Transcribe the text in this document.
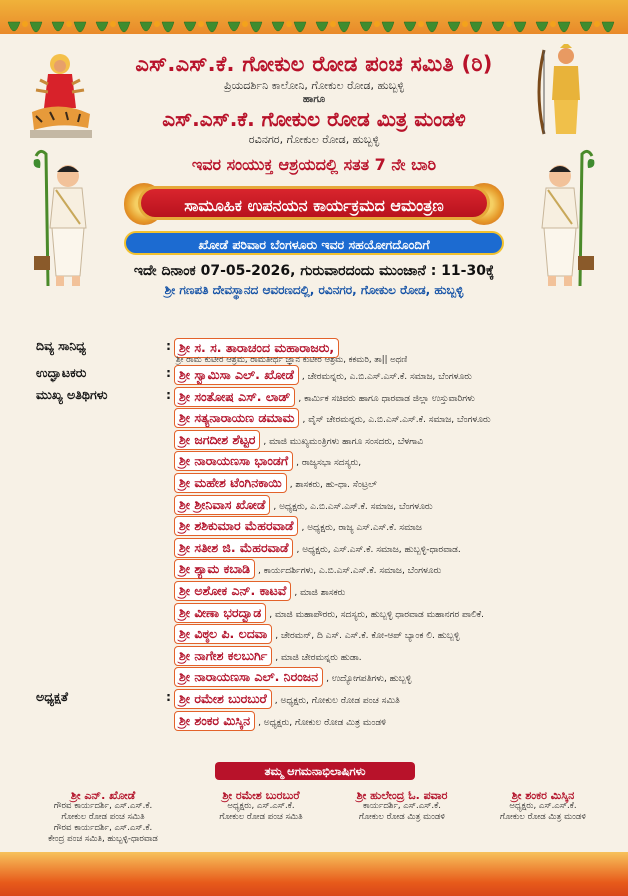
ಎಸ್.ಎಸ್.ಕೆ. ಗೋಕುಲ ರೋಡ ಪಂಚ ಸಮಿತಿ (ರಿ)
ಪ್ರಿಯದರ್ಶಿನಿ ಕಾಲೋನಿ, ಗೋಕುಲ ರೋಡ, ಹುಬ್ಬಳ್ಳಿ
ಹಾಗೂ
ಎಸ್.ಎಸ್.ಕೆ. ಗೋಕುಲ ರೋಡ ಮಿತ್ರ ಮಂಡಳಿ
ರವಿನಗರ, ಗೋಕುಲ ರೋಡ, ಹುಬ್ಬಳ್ಳಿ
ಇವರ ಸಂಯುಕ್ತ ಆಶ್ರಯದಲ್ಲಿ ಸತತ 7 ನೇ ಬಾರಿ
ಸಾಮೂಹಿಕ ಉಪನಯನ ಕಾರ್ಯಕ್ರಮದ ಆಮಂತ್ರಣ
ಖೋಡೆ ಪರಿವಾರ ಬೆಂಗಳೂರು ಇವರ ಸಹಯೋಗದೊಂದಿಗೆ
ಇದೇ ದಿನಾಂಕ 07-05-2026, ಗುರುವಾರದಂದು ಮುಂಜಾನೆ : 11-30ಕ್ಕೆ
ಶ್ರೀ ಗಣಪತಿ ದೇವಸ್ಥಾನದ ಆವರಣದಲ್ಲಿ, ರವಿನಗರ, ಗೋಕುಲ ರೋಡ, ಹುಬ್ಬಳ್ಳಿ
ದಿವ್ಯ ಸಾನಿಧ್ಯ	: ಶ್ರೀ ಸ. ಸ. ತಾರಾಚಂದ ಮಹಾರಾಜರು,
ಶ್ರೀ ರಾಮ ಕುಟೀರ ಆಶ್ರಮ, ರಾಮತೀರ್ಥ ಜ್ಞಾನ ಕುಟೀರ ಆಶ್ರಮ, ಕಕಮರಿ, ತಾ|| ಅಥಣಿ
ಉದ್ಘಾಟಕರು	: ಶ್ರೀ ಸ್ವಾಮಿಸಾ ಎಲ್. ಖೋಡೆ , ಚೇರಮನ್ನರು, ಎ.ಬಿ.ಎಸ್.ಎಸ್.ಕೆ. ಸಮಾಜ, ಬೆಂಗಳೂರು
ಮುಖ್ಯ ಅತಿಥಿಗಳು	: ಶ್ರೀ ಸಂತೋಷ ಎಸ್. ಲಾಡ್ , ಕಾರ್ಮಿಕ ಸಚಿವರು ಹಾಗೂ ಧಾರವಾಡ ಜಿಲ್ಲಾ ಉಸ್ತುವಾರಿಗಳು
ಶ್ರೀ ಸತ್ಯನಾರಾಯಣ ಡಮಾಮ , ವೈಸ್ ಚೇರಮನ್ನರು, ಎ.ಬಿ.ಎಸ್.ಎಸ್.ಕೆ. ಸಮಾಜ, ಬೆಂಗಳೂರು
ಶ್ರೀ ಜಗದೀಶ ಶೆಟ್ಟರ , ಮಾಜಿ ಮುಖ್ಯಮಂತ್ರಿಗಳು ಹಾಗೂ ಸಂಸದರು, ಬೆಳಗಾವಿ
ಶ್ರೀ ನಾರಾಯಣಸಾ ಭಾಂಡಗೆ , ರಾಜ್ಯಸಭಾ ಸದಸ್ಯರು,
ಶ್ರೀ ಮಹೇಶ ಟೆಂಗಿನಕಾಯಿ , ಶಾಸಕರು, ಹು-ಧಾ. ಸೆಂಟ್ರಲ್
ಶ್ರೀ ಶ್ರೀನಿವಾಸ ಖೋಡೆ , ಅಧ್ಯಕ್ಷರು, ಎ.ಬಿ.ಎಸ್.ಎಸ್.ಕೆ. ಸಮಾಜ, ಬೆಂಗಳೂರು
ಶ್ರೀ ಶಶಿಕುಮಾರ ಮೆಹರವಾಡೆ , ಅಧ್ಯಕ್ಷರು, ರಾಜ್ಯ ಎಸ್.ಎಸ್.ಕೆ. ಸಮಾಜ
ಶ್ರೀ ಸತೀಶ ಜಿ. ಮೆಹರವಾಡೆ , ಅಧ್ಯಕ್ಷರು, ಎಸ್.ಎಸ್.ಕೆ. ಸಮಾಜ, ಹುಬ್ಬಳ್ಳಿ-ಧಾರವಾಡ.
ಶ್ರೀ ಶ್ಯಾಮ ಕಬಾಡಿ , ಕಾರ್ಯದರ್ಶಿಗಳು, ಎ.ಬಿ.ಎಸ್.ಎಸ್.ಕೆ. ಸಮಾಜ, ಬೆಂಗಳೂರು
ಶ್ರೀ ಅಶೋಕ ಎನ್. ಕಾಟವೆ , ಮಾಜಿ ಶಾಸಕರು
ಶ್ರೀ ವೀಣಾ ಭರದ್ವಾಡ , ಮಾಜಿ ಮಹಾಪೌರರು, ಸದಸ್ಯರು, ಹುಬ್ಬಳ್ಳಿ ಧಾರವಾಡ ಮಹಾನಗರ ಪಾಲಿಕೆ.
ಶ್ರೀ ವಿಠ್ಠಲ ಪಿ. ಲದವಾ , ಚೇರಮನ್, ದಿ ಎಸ್. ಎಸ್.ಕೆ. ಕೋ-ಆಪ್ ಬ್ಯಾಂಕ ಲಿ. ಹುಬ್ಬಳ್ಳಿ
ಶ್ರೀ ನಾಗೇಶ ಕಲಬುರ್ಗಿ , ಮಾಜಿ ಚೇರಮನ್ನರು ಹುಡಾ.
ಶ್ರೀ ನಾರಾಯಣಸಾ ಎಲ್. ನಿರಂಜನ , ಉದ್ಯೋಗಪತಿಗಳು, ಹುಬ್ಬಳ್ಳಿ
ಅಧ್ಯಕ್ಷತೆ	: ಶ್ರೀ ರಮೇಶ ಬುರಬುರೆ , ಅಧ್ಯಕ್ಷರು, ಗೋಕುಲ ರೋಡ ಪಂಚ ಸಮಿತಿ
ಶ್ರೀ ಶಂಕರ ಮಿಸ್ಕಿನ , ಅಧ್ಯಕ್ಷರು, ಗೋಕುಲ ರೋಡ ಮಿತ್ರ ಮಂಡಳಿ
ತಮ್ಮ ಆಗಮನಾಭಿಲಾಷಿಗಳು
ಶ್ರೀ ಎನ್. ಖೋಡೆ
ಗೌರವ ಕಾರ್ಯದರ್ಶಿ, ಎಸ್.ಎಸ್.ಕೆ.
ಗೋಕುಲ ರೋಡ ಪಂಚ ಸಮಿತಿ
ಗೌರವ ಕಾರ್ಯದರ್ಶಿ, ಎಸ್.ಎಸ್.ಕೆ.
ಕೇಂದ್ರ ಪಂಚ ಸಮಿತಿ, ಹುಬ್ಬಳ್ಳಿ-ಧಾರವಾಡ
ಶ್ರೀ ರಮೇಶ ಬುರಬುರೆ
ಅಧ್ಯಕ್ಷರು, ಎಸ್.ಎಸ್.ಕೆ.
ಗೋಕುಲ ರೋಡ ಪಂಚ ಸಮಿತಿ
ಶ್ರೀ ಹುಲೇಂದ್ರ ಓ. ಪವಾರ
ಕಾರ್ಯದರ್ಶಿ, ಎಸ್.ಎಸ್.ಕೆ.
ಗೋಕುಲ ರೋಡ ಮಿತ್ರ ಮಂಡಳಿ
ಶ್ರೀ ಶಂಕರ ಮಿಸ್ಕಿನ
ಅಧ್ಯಕ್ಷರು, ಎಸ್.ಎಸ್.ಕೆ.
ಗೋಕುಲ ರೋಡ ಮಿತ್ರ ಮಂಡಳಿ
